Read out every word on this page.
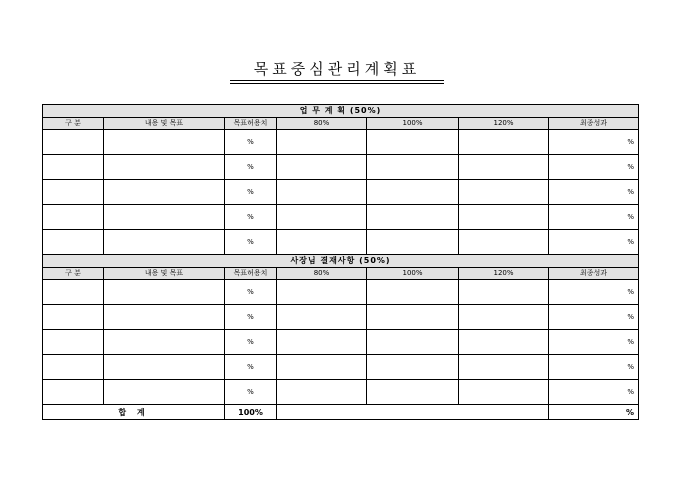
목표중심관리계획표
업 무 계 획 (50%)						
구 분	내용 및 목표	목표허용치	80%	100%	120%	최종성과
		%				%
		%				%
		%				%
		%				%
		%				%
사장님 결재사항 (50%)						
구 분	내용 및 목표	목표허용치	80%	100%	120%	최종성과
		%				%
		%				%
		%				%
		%				%
		%				%
합 계		100%				%
